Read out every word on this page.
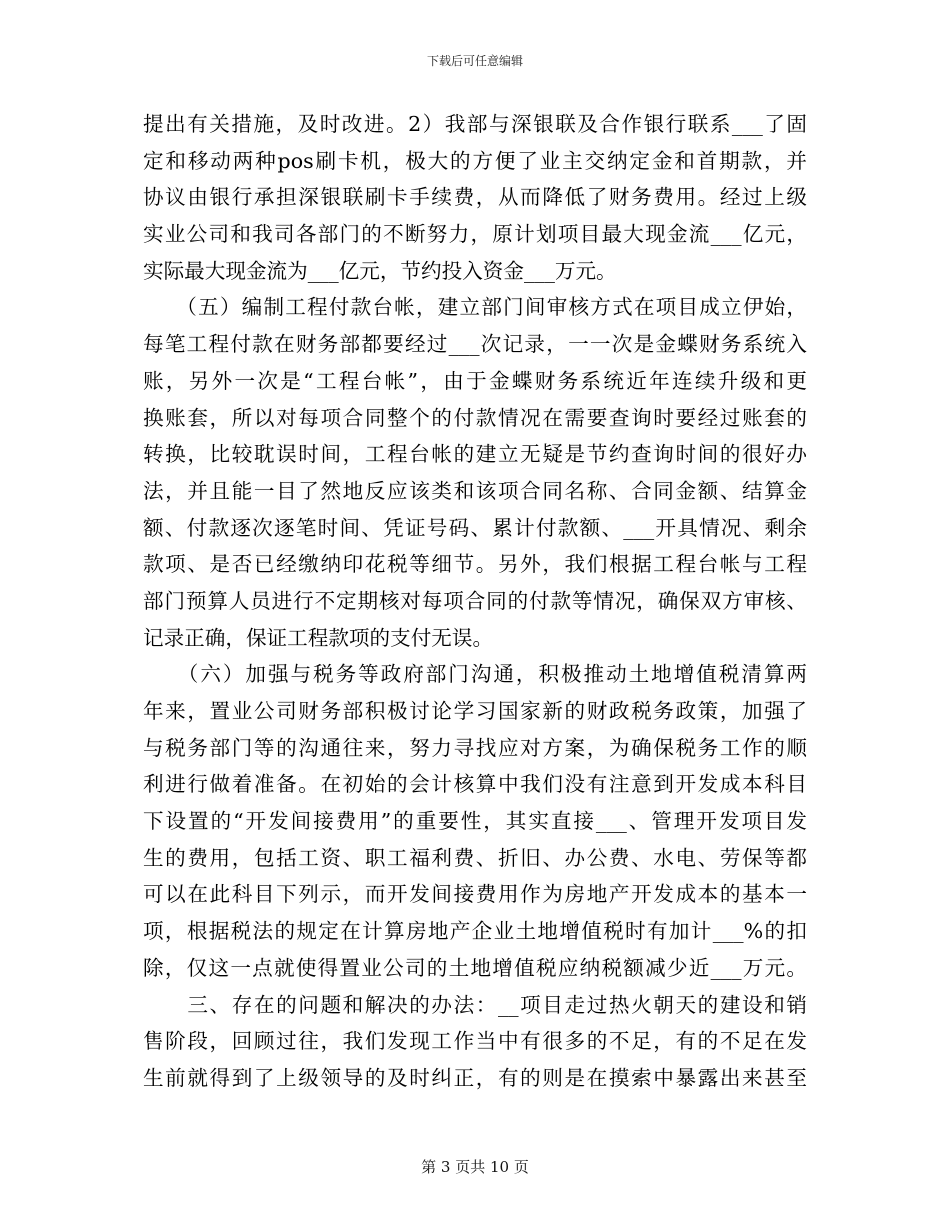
下载后可任意编辑
提出有关措施，及时改进。2）我部与深银联及合作银行联系___了固
定和移动两种pos刷卡机，极大的方便了业主交纳定金和首期款，并
协议由银行承担深银联刷卡手续费，从而降低了财务费用。经过上级
实业公司和我司各部门的不断努力，原计划项目最大现金流___亿元，
实际最大现金流为___亿元，节约投入资金___万元。
　　（五）编制工程付款台帐，建立部门间审核方式在项目成立伊始，
每笔工程付款在财务部都要经过___次记录，一一次是金蝶财务系统入
账，另外一次是“工程台帐”，由于金蝶财务系统近年连续升级和更
换账套，所以对每项合同整个的付款情况在需要查询时要经过账套的
转换，比较耽误时间，工程台帐的建立无疑是节约查询时间的很好办
法，并且能一目了然地反应该类和该项合同名称、合同金额、结算金
额、付款逐次逐笔时间、凭证号码、累计付款额、___开具情况、剩余
款项、是否已经缴纳印花税等细节。另外，我们根据工程台帐与工程
部门预算人员进行不定期核对每项合同的付款等情况，确保双方审核、
记录正确，保证工程款项的支付无误。
　　（六）加强与税务等政府部门沟通，积极推动土地增值税清算两
年来，置业公司财务部积极讨论学习国家新的财政税务政策，加强了
与税务部门等的沟通往来，努力寻找应对方案，为确保税务工作的顺
利进行做着准备。在初始的会计核算中我们没有注意到开发成本科目
下设置的“开发间接费用”的重要性，其实直接___、管理开发项目发
生的费用，包括工资、职工福利费、折旧、办公费、水电、劳保等都
可以在此科目下列示，而开发间接费用作为房地产开发成本的基本一
项，根据税法的规定在计算房地产企业土地增值税时有加计___%的扣
除，仅这一点就使得置业公司的土地增值税应纳税额减少近___万元。
　　三、存在的问题和解决的办法：__项目走过热火朝天的建设和销
售阶段，回顾过往，我们发现工作当中有很多的不足，有的不足在发
生前就得到了上级领导的及时纠正，有的则是在摸索中暴露出来甚至
第 3 页共 10 页
